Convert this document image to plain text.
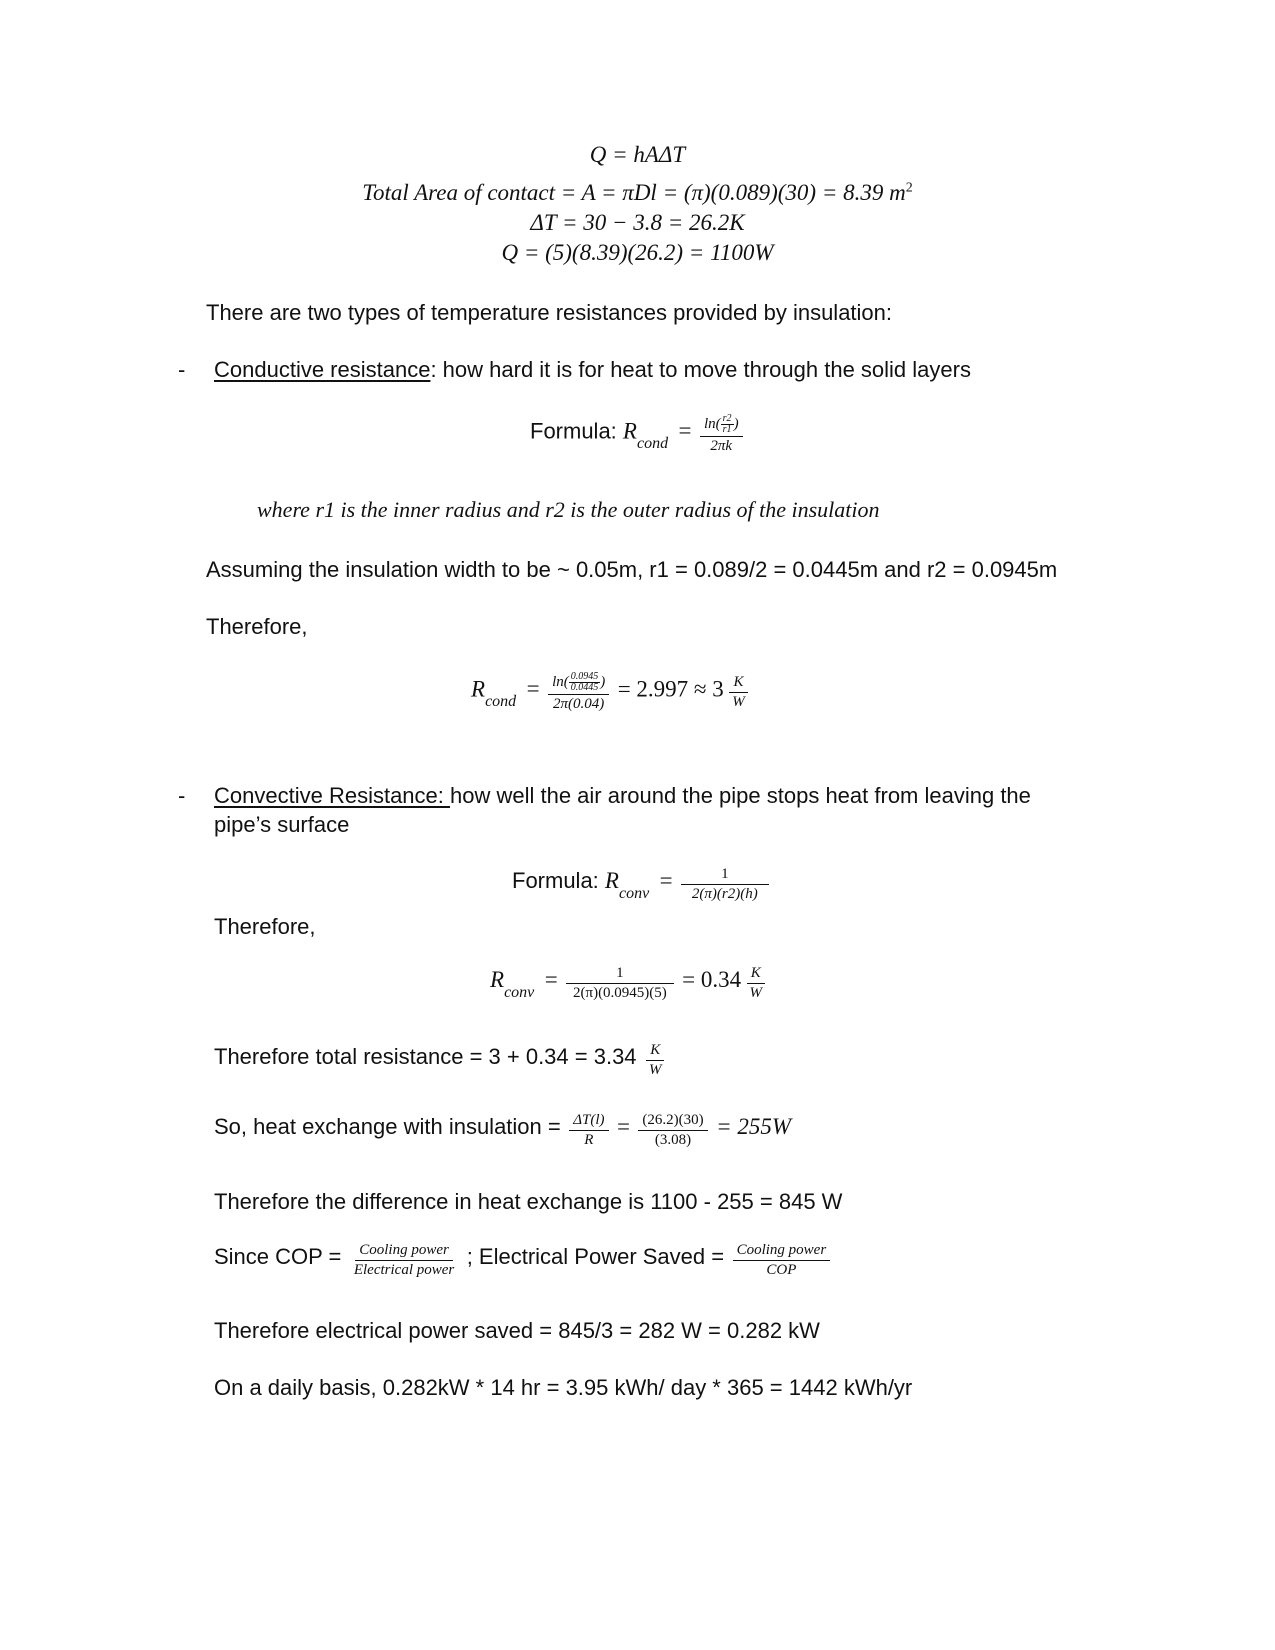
Q = hAΔT
Total Area of contact = A = πDl = (π)(0.089)(30) = 8.39 $m^2$
ΔT = 30 − 3.8 = 26.2K
Q = (5)(8.39)(26.2) = 1100W
There are two types of temperature resistances provided by insulation:
- Conductive resistance: how hard it is for heat to move through the solid layers
Formula: Rcond = $\frac{\ln( \frac{r2}{r1} )}{2\pi k}$
where r1 is the inner radius and r2 is the outer radius of the insulation
Assuming the insulation width to be ~ 0.05m, r1 = 0.089/2 = 0.0445m and r2 = 0.0945m
Therefore,
Rcond = $\frac{\ln( \frac{0.0945}{0.0445} )}{2\pi(0.04)} = 2.997 \approx 3 \frac{K}{W}$
- Convective Resistance: how well the air around the pipe stops heat from leaving the
pipe’s surface
Formula: Rconv = $\frac{1}{2(\pi)(r2)(h)}$
Therefore,
Rconv = $\frac{1}{2(\pi)(0.0945)(5)} = 0.34 \frac{K}{W}$
Therefore total resistance = $3 + 0.34 = 3.34 \frac{K}{W}$
So, heat exchange with insulation = $\frac{\Delta T(l)}{R} = \frac{(26.2)(30)}{(3.08)} = 255W$
Therefore the difference in heat exchange is 1100 - 255 = 845 W
Since COP = $\frac{\text{Cooling power}}{\text{Electrical power}}$ ; Electrical Power Saved = $\frac{\text{Cooling power}}{\text{COP}}$
Therefore electrical power saved = 845/3 = 282 W = 0.282 kW
On a daily basis, 0.282kW * 14 hr = 3.95 kWh/ day * 365 = 1442 kWh/yr
